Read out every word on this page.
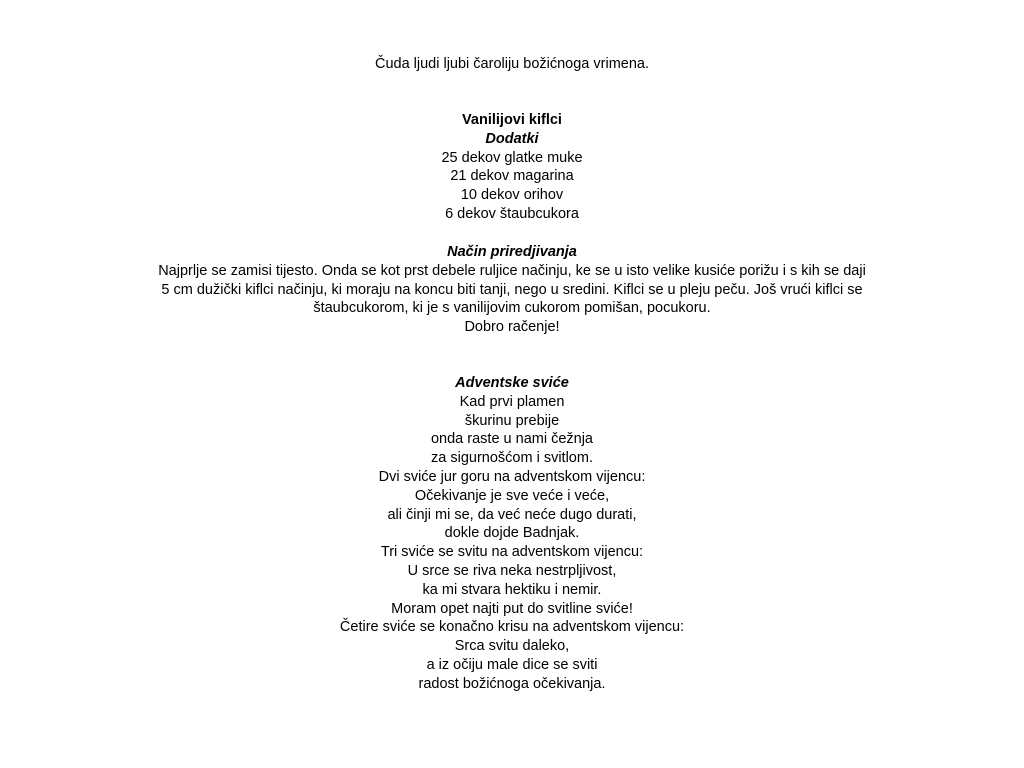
Čuda ljudi ljubi čaroliju božićnoga vrimena.
Vanilijovi kiflci
Dodatki
25 dekov glatke muke
21 dekov magarina
10 dekov orihov
6 dekov štaubcukora
Način priredjivanja
Najprlje se zamisi tijesto. Onda se kot prst debele ruljice načinju, ke se u isto velike kusiće porižu i s kih se daji
5 cm dužički kiflci načinju, ki moraju na koncu biti tanji, nego u sredini. Kiflci se u pleju peču. Još vrući kiflci se
štaubcukorom, ki je s vanilijovim cukorom pomišan, pocukoru.
Dobro račenje!
Adventske sviće
Kad prvi plamen
škurinu prebije
onda raste u nami čežnja
za sigurnošćom i svitlom.
Dvi sviće jur goru na adventskom vijencu:
Očekivanje je sve veće i veće,
ali činji mi se, da već neće dugo durati,
dokle dojde Badnjak.
Tri sviće se svitu na adventskom vijencu:
U srce se riva neka nestrpljivost,
ka mi stvara hektiku i nemir.
Moram opet najti put do svitline sviće!
Četire sviće se konačno krisu na adventskom vijencu:
Srca svitu daleko,
a iz očiju male dice se sviti
radost božićnoga očekivanja.
